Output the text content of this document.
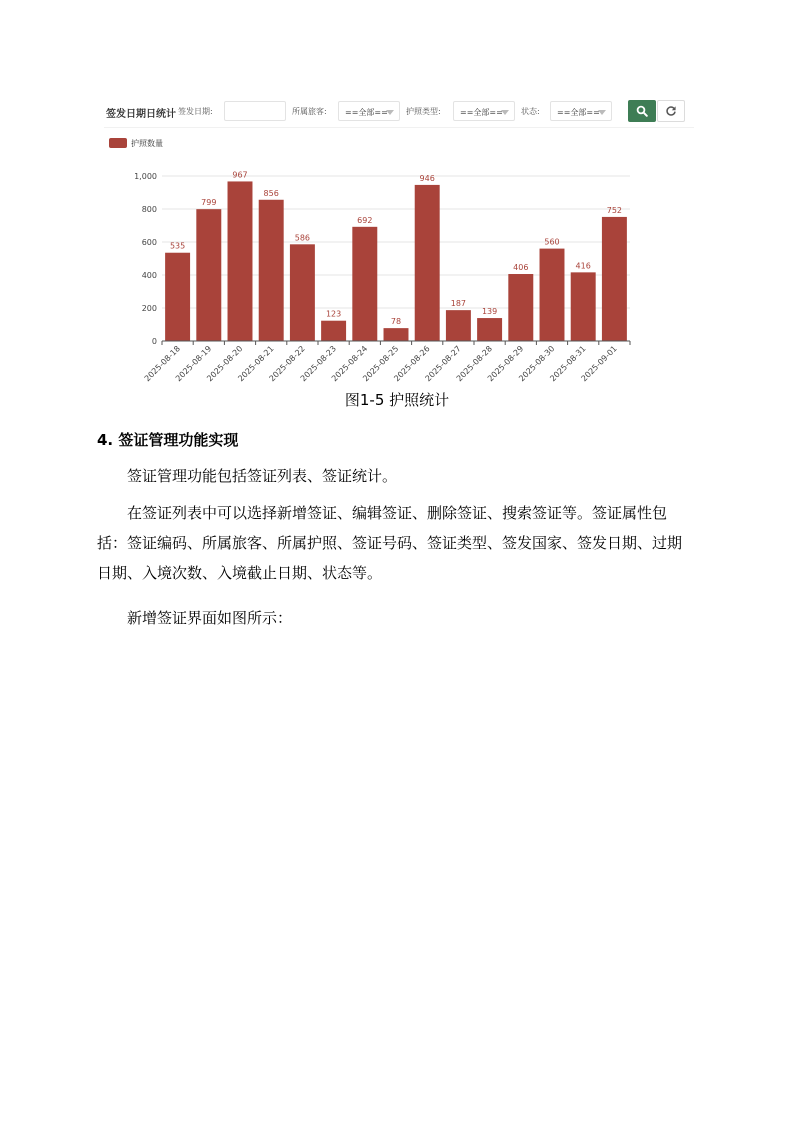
签发日期日统计 签发日期:	所属旅客: ==全部== 护照类型: ==全部== 状态: ==全部==
535
799
967
856
586
123
692
78
946
187
139
406
560
416
752
0
200
400
600
800
1,000
2025-08-18
2025-08-19
2025-08-20
2025-08-21
2025-08-22
2025-08-23
2025-08-24
2025-08-25
2025-08-26
2025-08-27
2025-08-28
2025-08-29
2025-08-30
2025-08-31
2025-09-01
护照数量
图1-5 护照统计
4. 签证管理功能实现
签证管理功能包括签证列表、签证统计。
在签证列表中可以选择新增签证、编辑签证、删除签证、搜索签证等。签证属性包括：签证编码、所属旅客、所属护照、签证号码、签证类型、签发国家、签发日期、过期日期、入境次数、入境截止日期、状态等。
新增签证界面如图所示：
